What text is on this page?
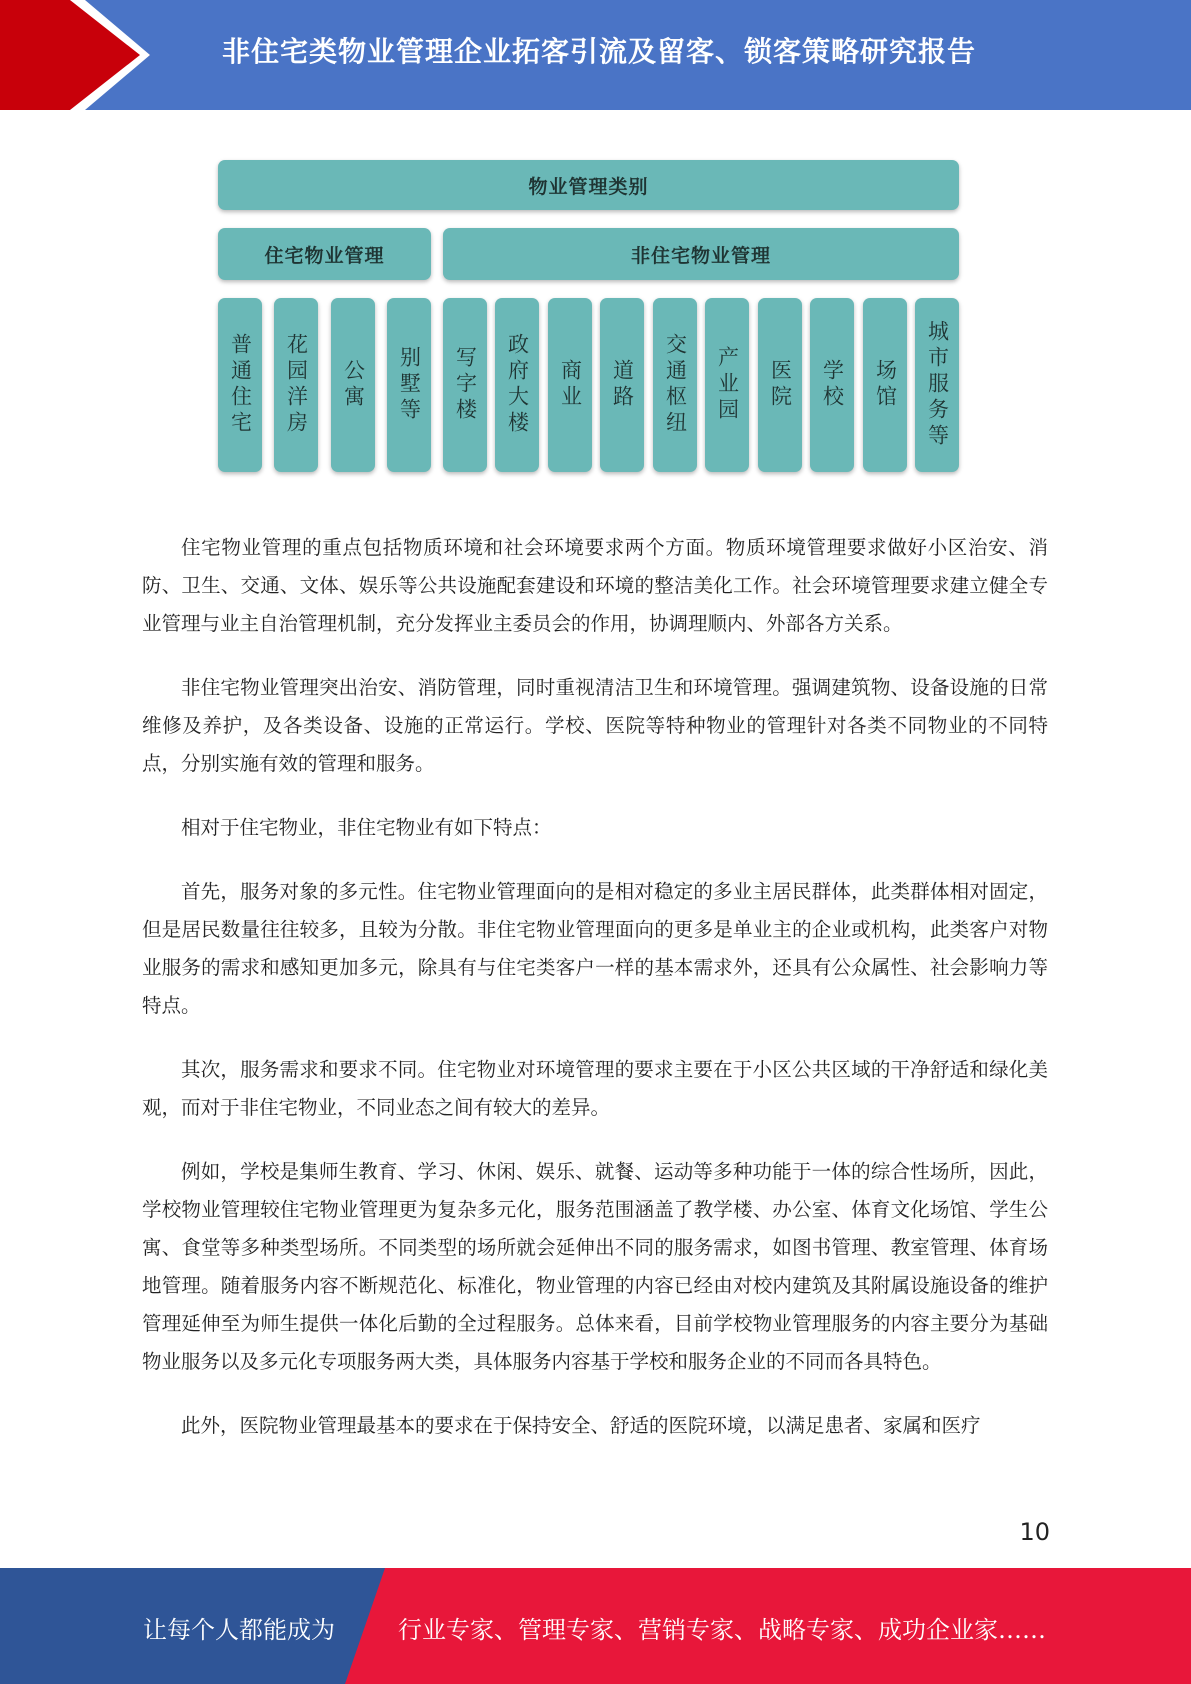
非住宅类物业管理企业拓客引流及留客、锁客策略研究报告
物业管理类别
住宅物业管理	非住宅物业管理
普通住宅	花园洋房	公寓	别墅等	写字楼	政府大楼	商业	道路	交通枢纽	产业园	医院	学校	场馆	城市服务等

住宅物业管理的重点包括物质环境和社会环境要求两个方面。物质环境管理要求做好小区治安、消防、卫生、交通、文体、娱乐等公共设施配套建设和环境的整洁美化工作。社会环境管理要求建立健全专业管理与业主自治管理机制，充分发挥业主委员会的作用，协调理顺内、外部各方关系。

非住宅物业管理突出治安、消防管理，同时重视清洁卫生和环境管理。强调建筑物、设备设施的日常维修及养护，及各类设备、设施的正常运行。学校、医院等特种物业的管理针对各类不同物业的不同特点，分别实施有效的管理和服务。

相对于住宅物业，非住宅物业有如下特点：

首先，服务对象的多元性。住宅物业管理面向的是相对稳定的多业主居民群体，此类群体相对固定，但是居民数量往往较多，且较为分散。非住宅物业管理面向的更多是单业主的企业或机构，此类客户对物业服务的需求和感知更加多元，除具有与住宅类客户一样的基本需求外，还具有公众属性、社会影响力等特点。

其次，服务需求和要求不同。住宅物业对环境管理的要求主要在于小区公共区域的干净舒适和绿化美观，而对于非住宅物业，不同业态之间有较大的差异。

例如，学校是集师生教育、学习、休闲、娱乐、就餐、运动等多种功能于一体的综合性场所，因此，学校物业管理较住宅物业管理更为复杂多元化，服务范围涵盖了教学楼、办公室、体育文化场馆、学生公寓、食堂等多种类型场所。不同类型的场所就会延伸出不同的服务需求，如图书管理、教室管理、体育场地管理。随着服务内容不断规范化、标准化，物业管理的内容已经由对校内建筑及其附属设施设备的维护管理延伸至为师生提供一体化后勤的全过程服务。总体来看，目前学校物业管理服务的内容主要分为基础物业服务以及多元化专项服务两大类，具体服务内容基于学校和服务企业的不同而各具特色。

此外，医院物业管理最基本的要求在于保持安全、舒适的医院环境，以满足患者、家属和医疗

10
让每个人都能成为	行业专家、管理专家、营销专家、战略专家、成功企业家……
